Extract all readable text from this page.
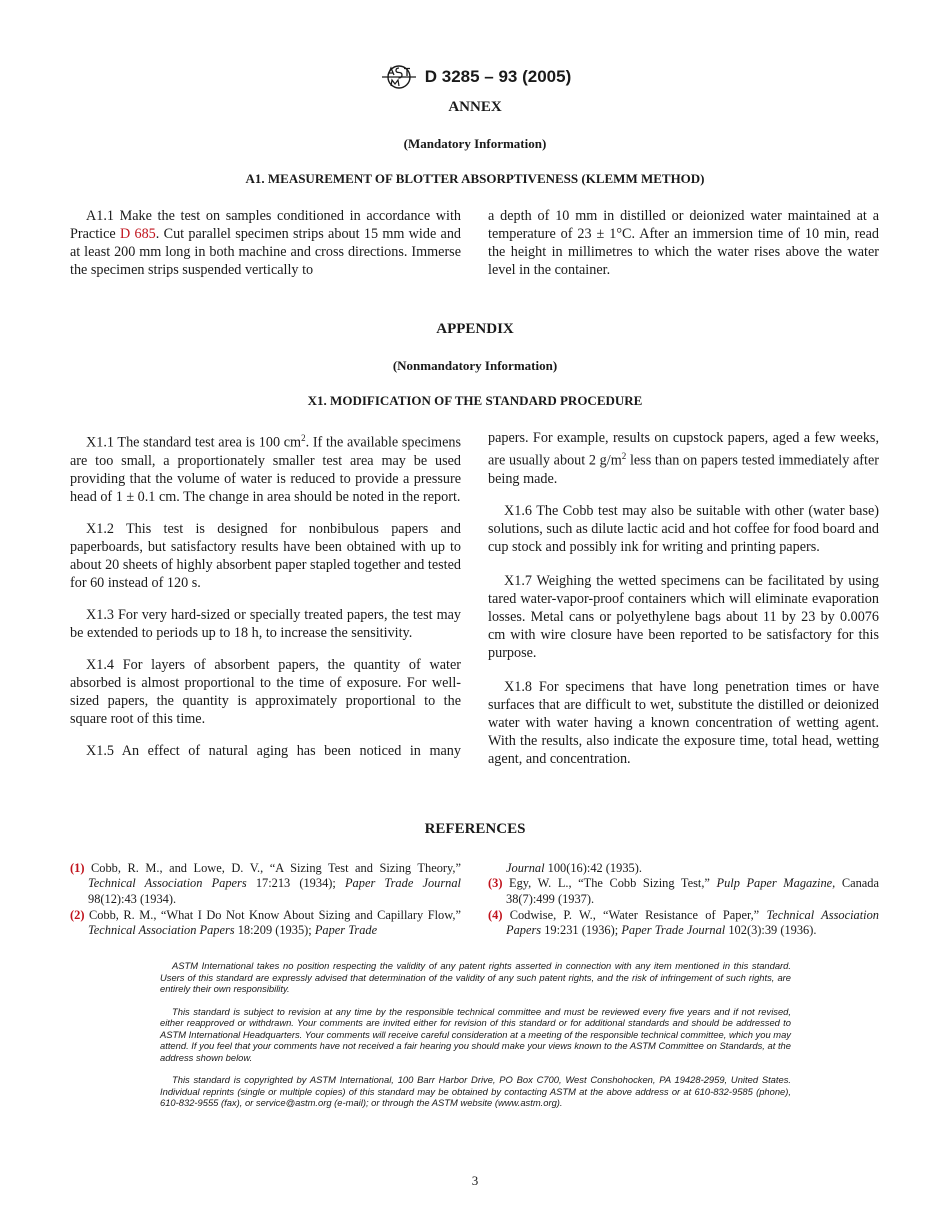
D 3285 – 93 (2005)
ANNEX
(Mandatory Information)
A1. MEASUREMENT OF BLOTTER ABSORPTIVENESS (KLEMM METHOD)

A1.1 Make the test on samples conditioned in accordance with Practice D 685. Cut parallel specimen strips about 15 mm wide and at least 200 mm long in both machine and cross directions. Immerse the specimen strips suspended vertically to

a depth of 10 mm in distilled or deionized water maintained at a temperature of 23 ± 1°C. After an immersion time of 10 min, read the height in millimetres to which the water rises above the water level in the container.

APPENDIX
(Nonmandatory Information)
X1. MODIFICATION OF THE STANDARD PROCEDURE

X1.1 The standard test area is 100 $cm^2$. If the available specimens are too small, a proportionately smaller test area may be used providing that the volume of water is reduced to provide a pressure head of 1 ± 0.1 cm. The change in area should be noted in the report.

X1.2 This test is designed for nonbibulous papers and paperboards, but satisfactory results have been obtained with up to about 20 sheets of highly absorbent paper stapled together and tested for 60 instead of 120 s.

X1.3 For very hard-sized or specially treated papers, the test may be extended to periods up to 18 h, to increase the sensitivity.

X1.4 For layers of absorbent papers, the quantity of water absorbed is almost proportional to the time of exposure. For well-sized papers, the quantity is approximately proportional to the square root of this time.

X1.5 An effect of natural aging has been noticed in many

papers. For example, results on cupstock papers, aged a few weeks, are usually about 2 $g/m^2$ less than on papers tested immediately after being made.

X1.6 The Cobb test may also be suitable with other (water base) solutions, such as dilute lactic acid and hot coffee for food board and cup stock and possibly ink for writing and printing papers.

X1.7 Weighing the wetted specimens can be facilitated by using tared water-vapor-proof containers which will eliminate evaporation losses. Metal cans or polyethylene bags about 11 by 23 by 0.0076 cm with wire closure have been reported to be satisfactory for this purpose.

X1.8 For specimens that have long penetration times or have surfaces that are difficult to wet, substitute the distilled or deionized water with water having a known concentration of wetting agent. With the results, also indicate the exposure time, total head, wetting agent, and concentration.

REFERENCES

(1) Cobb, R. M., and Lowe, D. V., “A Sizing Test and Sizing Theory,” Technical Association Papers 17:213 (1934); Paper Trade Journal 98(12):43 (1934).

(2) Cobb, R. M., “What I Do Not Know About Sizing and Capillary Flow,” Technical Association Papers 18:209 (1935); Paper Trade

Journal 100(16):42 (1935).

(3) Egy, W. L., “The Cobb Sizing Test,” Pulp Paper Magazine, Canada 38(7):499 (1937).

(4) Codwise, P. W., “Water Resistance of Paper,” Technical Association Papers 19:231 (1936); Paper Trade Journal 102(3):39 (1936).

ASTM International takes no position respecting the validity of any patent rights asserted in connection with any item mentioned in this standard. Users of this standard are expressly advised that determination of the validity of any such patent rights, and the risk of infringement of such rights, are entirely their own responsibility.

This standard is subject to revision at any time by the responsible technical committee and must be reviewed every five years and if not revised, either reapproved or withdrawn. Your comments are invited either for revision of this standard or for additional standards and should be addressed to ASTM International Headquarters. Your comments will receive careful consideration at a meeting of the responsible technical committee, which you may attend. If you feel that your comments have not received a fair hearing you should make your views known to the ASTM Committee on Standards, at the address shown below.

This standard is copyrighted by ASTM International, 100 Barr Harbor Drive, PO Box C700, West Conshohocken, PA 19428-2959, United States. Individual reprints (single or multiple copies) of this standard may be obtained by contacting ASTM at the above address or at 610-832-9585 (phone), 610-832-9555 (fax), or service@astm.org (e-mail); or through the ASTM website (www.astm.org).

3
